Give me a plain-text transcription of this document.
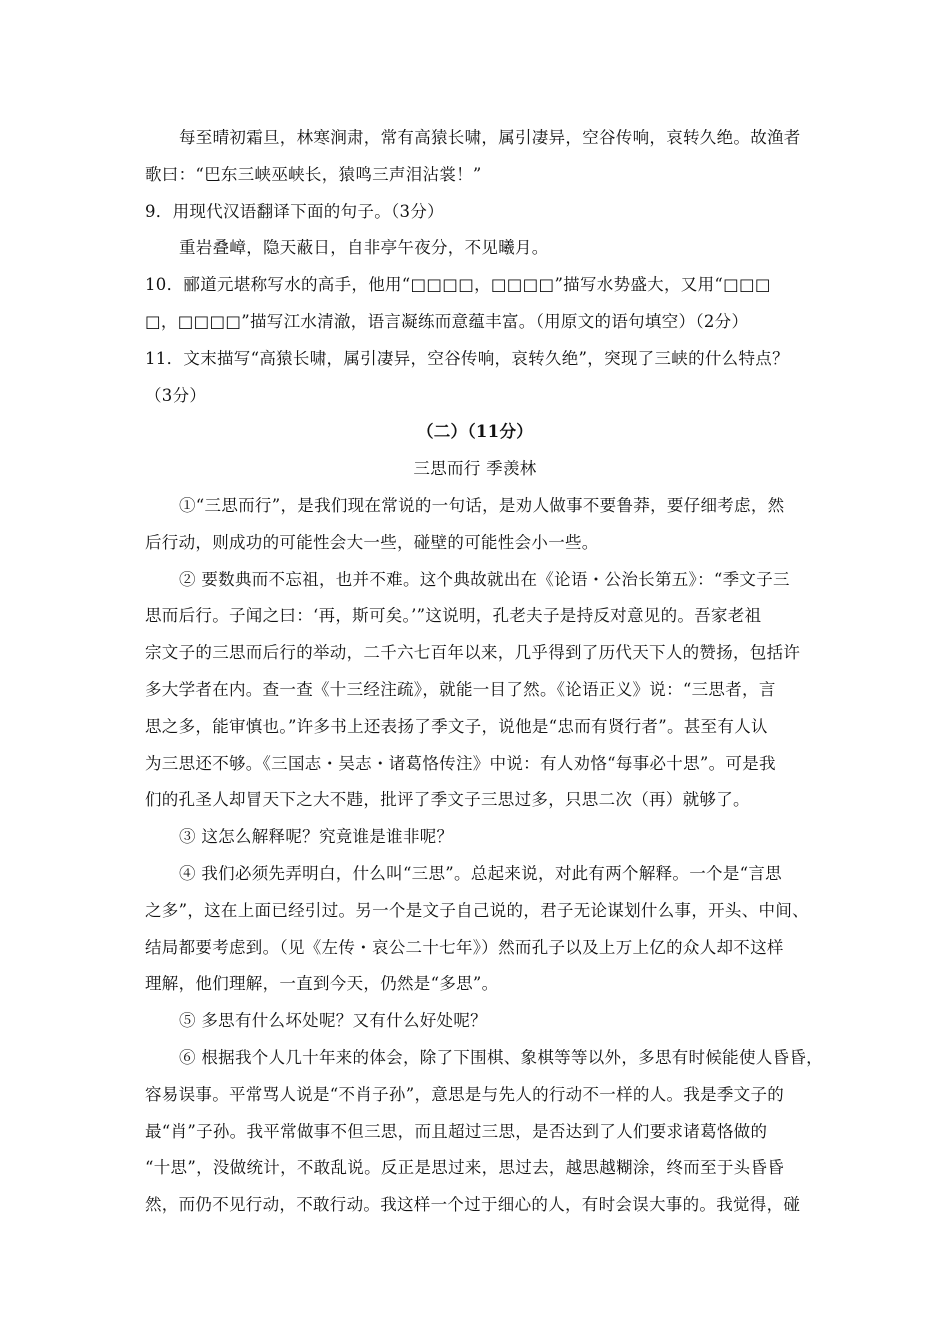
每至晴初霜旦，林寒涧肃，常有高猿长啸，属引凄异，空谷传响，哀转久绝。故渔者
歌曰：“巴东三峡巫峡长，猿鸣三声泪沾裳！”
9．用现代汉语翻译下面的句子。（3分）
重岩叠嶂，隐天蔽日，自非亭午夜分，不见曦月。
10．郦道元堪称写水的高手，他用“□□□□，□□□□”描写水势盛大，又用“□□□
□，□□□□”描写江水清澈，语言凝练而意蕴丰富。（用原文的语句填空）（2分）
11．文末描写“高猿长啸，属引凄异，空谷传响，哀转久绝”，突现了三峡的什么特点？
（3分）
（二）（11分）
三思而行 季羡林
①“三思而行”，是我们现在常说的一句话，是劝人做事不要鲁莽，要仔细考虑，然
后行动，则成功的可能性会大一些，碰壁的可能性会小一些。
② 要数典而不忘祖，也并不难。这个典故就出在《论语・公治长第五》：“季文子三
思而后行。子闻之曰：‘再，斯可矣。’”这说明，孔老夫子是持反对意见的。吾家老祖
宗文子的三思而后行的举动，二千六七百年以来，几乎得到了历代天下人的赞扬，包括许
多大学者在内。查一查《十三经注疏》，就能一目了然。《论语正义》说：“三思者，言
思之多，能审慎也。”许多书上还表扬了季文子，说他是“忠而有贤行者”。甚至有人认
为三思还不够。《三国志・吴志・诸葛恪传注》中说：有人劝恪“每事必十思”。可是我
们的孔圣人却冒天下之大不韪，批评了季文子三思过多，只思二次（再）就够了。
③ 这怎么解释呢？究竟谁是谁非呢？
④ 我们必须先弄明白，什么叫“三思”。总起来说，对此有两个解释。一个是“言思
之多”，这在上面已经引过。另一个是文子自己说的，君子无论谋划什么事，开头、中间、
结局都要考虑到。（见《左传・哀公二十七年》）然而孔子以及上万上亿的众人却不这样
理解，他们理解，一直到今天，仍然是“多思”。
⑤ 多思有什么坏处呢？又有什么好处呢？
⑥ 根据我个人几十年来的体会，除了下围棋、象棋等等以外，多思有时候能使人昏昏，
容易误事。平常骂人说是“不肖子孙”，意思是与先人的行动不一样的人。我是季文子的
最“肖”子孙。我平常做事不但三思，而且超过三思，是否达到了人们要求诸葛恪做的
“十思”，没做统计，不敢乱说。反正是思过来，思过去，越思越糊涂，终而至于头昏昏
然，而仍不见行动，不敢行动。我这样一个过于细心的人，有时会误大事的。我觉得，碰
